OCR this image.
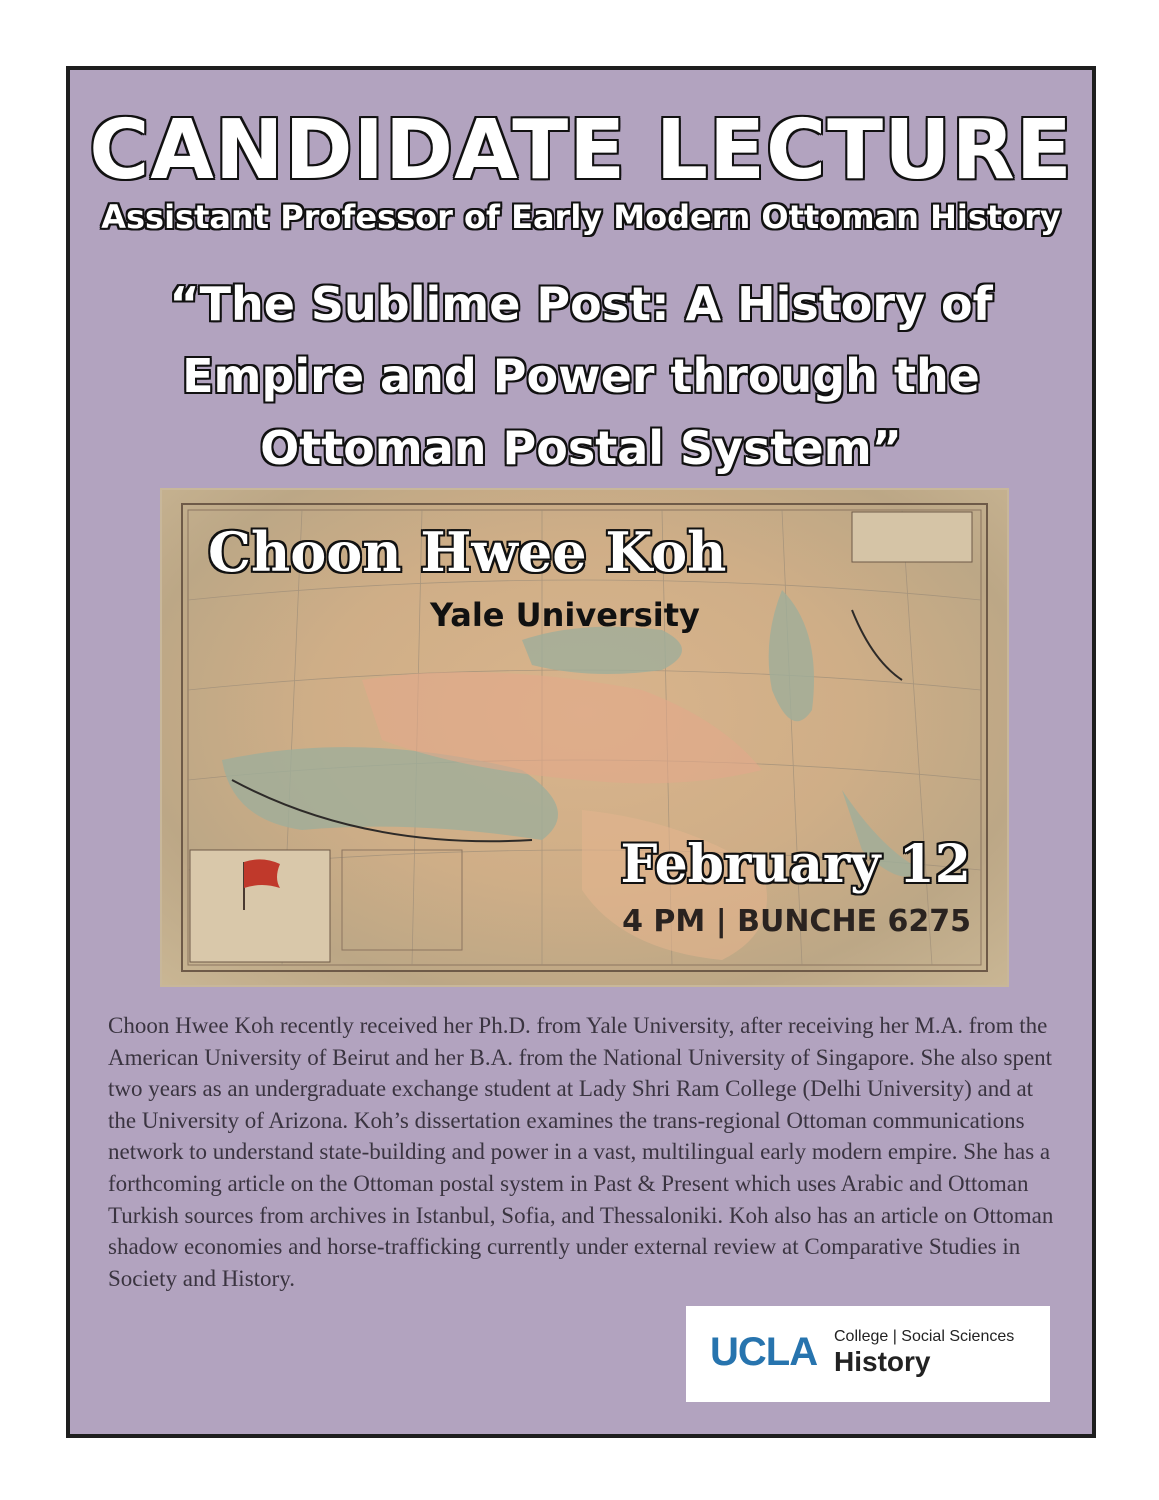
CANDIDATE LECTURE
Assistant Professor of Early Modern Ottoman History
“The Sublime Post: A History of
Empire and Power through the
Ottoman Postal System”
Choon Hwee Koh
Yale University
February 12
4 PM | BUNCHE 6275
Choon Hwee Koh recently received her Ph.D. from Yale University, after receiving her M.A. from the American University of Beirut and her B.A. from the National University of Singapore. She also spent two years as an undergraduate exchange student at Lady Shri Ram College (Delhi University) and at the University of Arizona. Koh’s dissertation examines the trans-regional Ottoman communications network to understand state-building and power in a vast, multilingual early modern empire. She has a forthcoming article on the Ottoman postal system in Past & Present which uses Arabic and Ottoman Turkish sources from archives in Istanbul, Sofia, and Thessaloniki. Koh also has an article on Ottoman shadow economies and horse-trafficking currently under external review at Comparative Studies in Society and History.
UCLA College | Social Sciences
History
